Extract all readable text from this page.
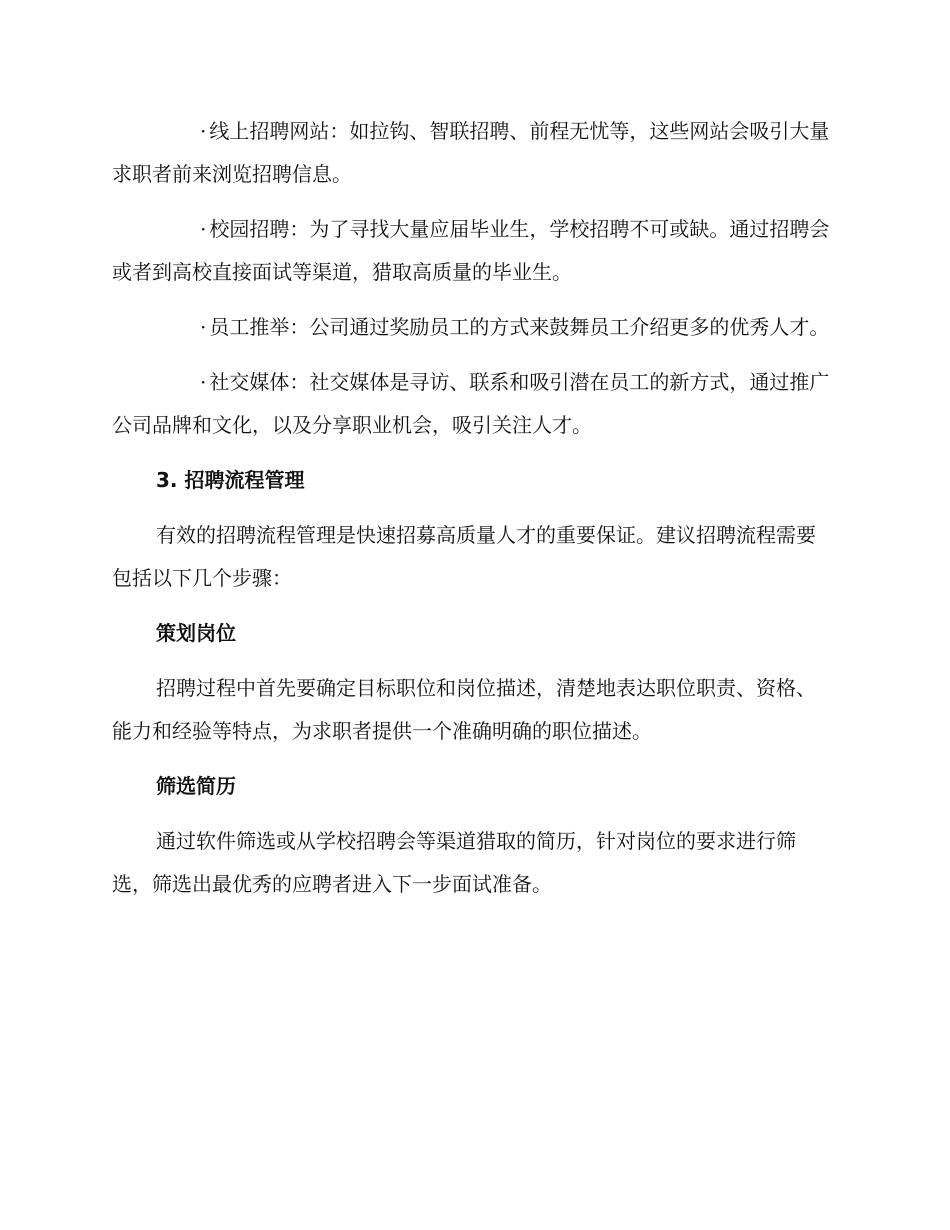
· 线上招聘网站：如拉钩、智联招聘、前程无忧等，这些网站会吸引大量求职者前来浏览招聘信息。

· 校园招聘：为了寻找大量应届毕业生，学校招聘不可或缺。通过招聘会或者到高校直接面试等渠道，猎取高质量的毕业生。

· 员工推举：公司通过奖励员工的方式来鼓舞员工介绍更多的优秀人才。

· 社交媒体：社交媒体是寻访、联系和吸引潜在员工的新方式，通过推广公司品牌和文化，以及分享职业机会，吸引关注人才。

3. 招聘流程管理

有效的招聘流程管理是快速招募高质量人才的重要保证。建议招聘流程需要包括以下几个步骤：

策划岗位

招聘过程中首先要确定目标职位和岗位描述，清楚地表达职位职责、资格、能力和经验等特点，为求职者提供一个准确明确的职位描述。

筛选简历

通过软件筛选或从学校招聘会等渠道猎取的简历，针对岗位的要求进行筛选，筛选出最优秀的应聘者进入下一步面试准备。
